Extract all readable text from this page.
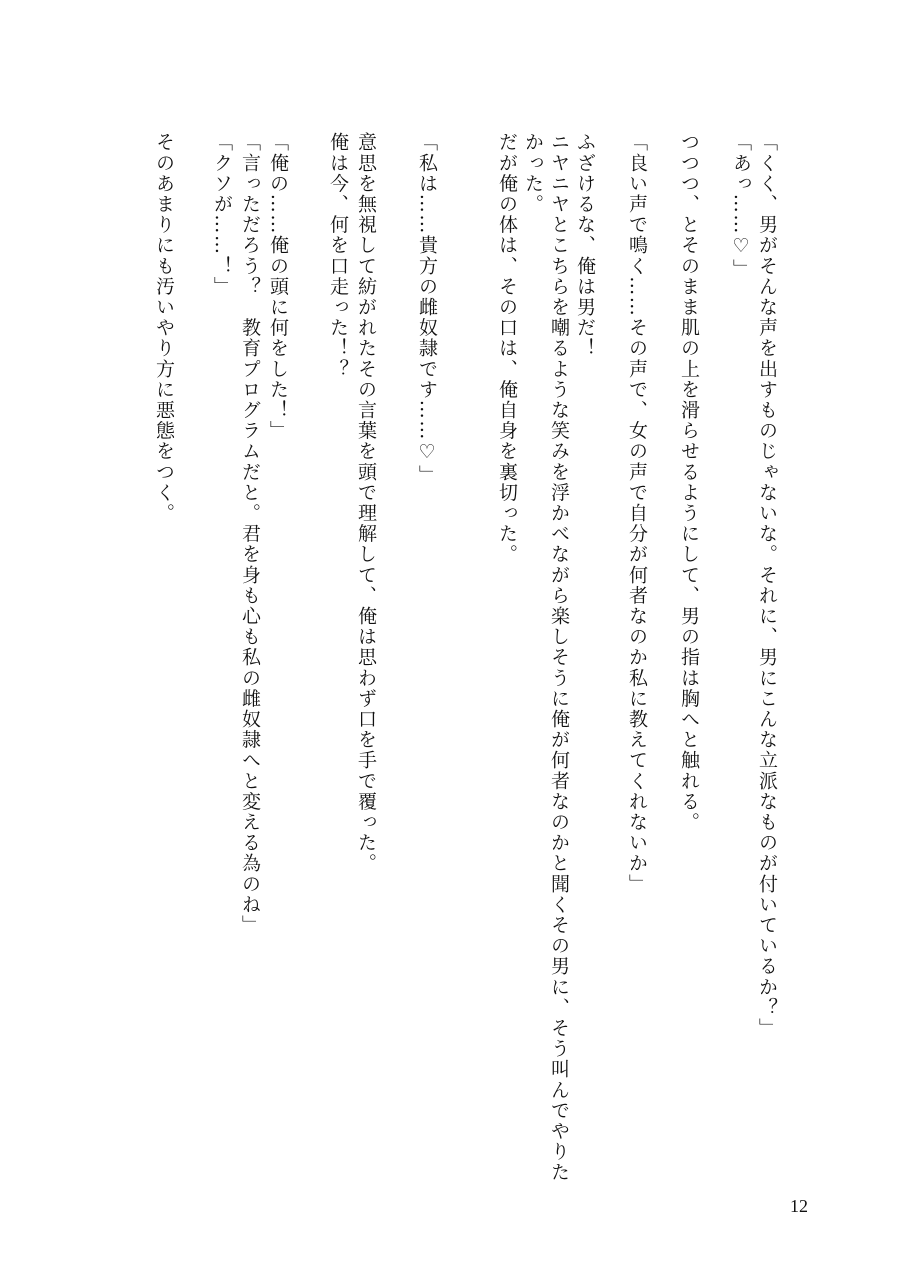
「くく、男がそんな声を出すものじゃないな。それに、男にこんな立派なものが付いているか？」
「あっ……♡」
つつつ、とそのまま肌の上を滑らせるようにして、男の指は胸へと触れる。
「良い声で鳴く……その声で、女の声で自分が何者なのか私に教えてくれないか」
ふざけるな、俺は男だ！
ニヤニヤとこちらを嘲るような笑みを浮かべながら楽しそうに俺が何者なのかと聞くその男に、そう叫んでやりた
かった。
だが俺の体は、その口は、俺自身を裏切った。
「私は……貴方の雌奴隷です……♡」
意思を無視して紡がれたその言葉を頭で理解して、俺は思わず口を手で覆った。
俺は今、何を口走った！？
「俺の……俺の頭に何をした！」
「言っただろう？　教育プログラムだと。君を身も心も私の雌奴隷へと変える為のね」
「クソが……！」
そのあまりにも汚いやり方に悪態をつく。
12
